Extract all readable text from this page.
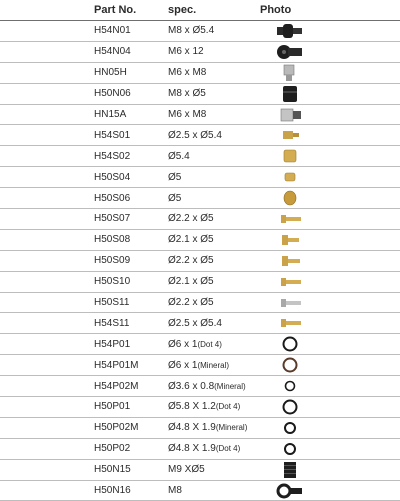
Part No.	spec.	Photo
H54N01	M8 x Ø5.4
H54N04	M6 x 12
HN05H	M6 x M8
H50N06	M8 x Ø5
HN15A	M6 x M8
H54S01	Ø2.5 x Ø5.4
H54S02	Ø5.4
H50S04	Ø5
H50S06	Ø5
H50S07	Ø2.2 x Ø5
H50S08	Ø2.1 x Ø5
H50S09	Ø2.2 x Ø5
H50S10	Ø2.1 x Ø5
H50S11	Ø2.2 x Ø5
H54S11	Ø2.5 x Ø5.4
H54P01	Ø6 x 1(Dot 4)
H54P01M	Ø6 x 1(Mineral)
H54P02M	Ø3.6 x 0.8(Mineral)
H50P01	Ø5.8 X 1.2(Dot 4)
H50P02M	Ø4.8 X 1.9(Mineral)
H50P02	Ø4.8 X 1.9(Dot 4)
H50N15	M9 XØ5
H50N16	M8
